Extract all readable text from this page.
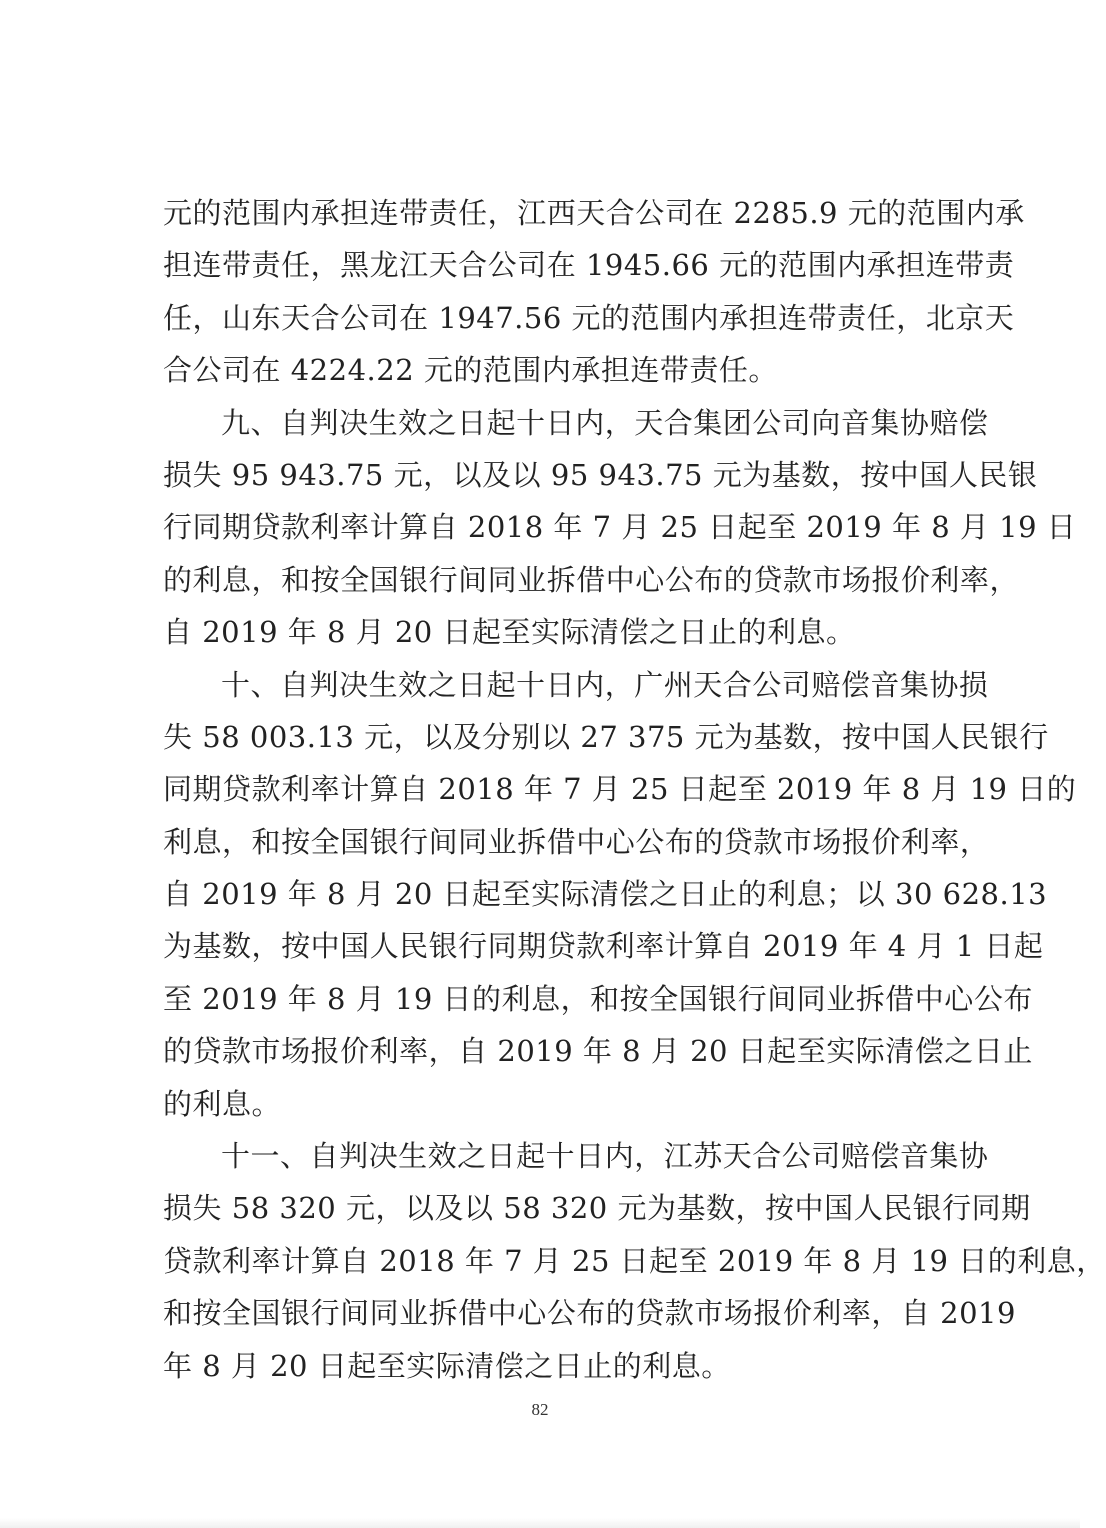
元 的 范 围 内 承 担 连 带 责 任 ， 江 西 天 合 公 司 在
2 2 8 5 . 9
元 的 范 围 内 承
担 连 带 责 任 ， 黑 龙 江 天 合 公 司 在
1 9 4 5 . 6 6
元 的 范 围 内 承 担 连 带 责
任 ， 山 东 天 合 公 司 在
1 9 4 7 . 5 6
元 的 范 围 内 承 担 连 带 责 任 ， 北 京 天
合公司在 4224.22 元的范围内承担连带责任。
九 、 自 判 决 生 效 之 日 起 十 日 内 ， 天 合 集 团 公 司 向 音 集 协 赔 偿
损 失
9 5
9 4 3 . 7 5
元 ， 以 及 以
9 5
9 4 3 . 7 5
元 为 基 数 ， 按 中 国 人 民 银
行 同 期 贷 款 利 率 计 算 自
2 0 1 8
年
7
月
2 5
日 起 至
2 0 1 9
年
8
月
1 9
日
的 利 息 ， 和 按 全 国 银 行 间 同 业 拆 借 中 心 公 布 的 贷 款 市 场 报 价 利 率 ，
自 2019 年 8 月 20 日起至实际清偿之日止的利息。
十 、 自 判 决 生 效 之 日 起 十 日 内 ， 广 州 天 合 公 司 赔 偿 音 集 协 损
失
5 8
0 0 3 . 1 3
元 ， 以 及 分 别 以
2 7
3 7 5
元 为 基 数 ， 按 中 国 人 民 银 行
同 期 贷 款 利 率 计 算 自
2 0 1 8
年
7
月
2 5
日 起 至
2 0 1 9
年
8
月
1 9
日 的
利 息 ， 和 按 全 国 银 行 间 同 业 拆 借 中 心 公 布 的 贷 款 市 场 报 价 利 率 ，
自
2 0 1 9
年
8
月
2 0
日 起 至 实 际 清 偿 之 日 止 的 利 息 ； 以
3 0
6 2 8 . 1 3
为 基 数 ， 按 中 国 人 民 银 行 同 期 贷 款 利 率 计 算 自
2 0 1 9
年
4
月
1
日 起
至
2 0 1 9
年
8
月
1 9
日 的 利 息 ， 和 按 全 国 银 行 间 同 业 拆 借 中 心 公 布
的 贷 款 市 场 报 价 利 率 ， 自
2 0 1 9
年
8
月
2 0
日 起 至 实 际 清 偿 之 日 止
的利息。
十 一 、 自 判 决 生 效 之 日 起 十 日 内 ， 江 苏 天 合 公 司 赔 偿 音 集 协
损 失
5 8
3 2 0
元 ， 以 及 以
5 8
3 2 0
元 为 基 数 ， 按 中 国 人 民 银 行 同 期
贷 款 利 率 计 算 自
2 0 1 8
年
7
月
2 5
日 起 至
2 0 1 9
年
8
月
1 9
日 的 利 息 ，
和 按 全 国 银 行 间 同 业 拆 借 中 心 公 布 的 贷 款 市 场 报 价 利 率 ， 自
2 0 1 9
年 8 月 20 日起至实际清偿之日止的利息。
82
